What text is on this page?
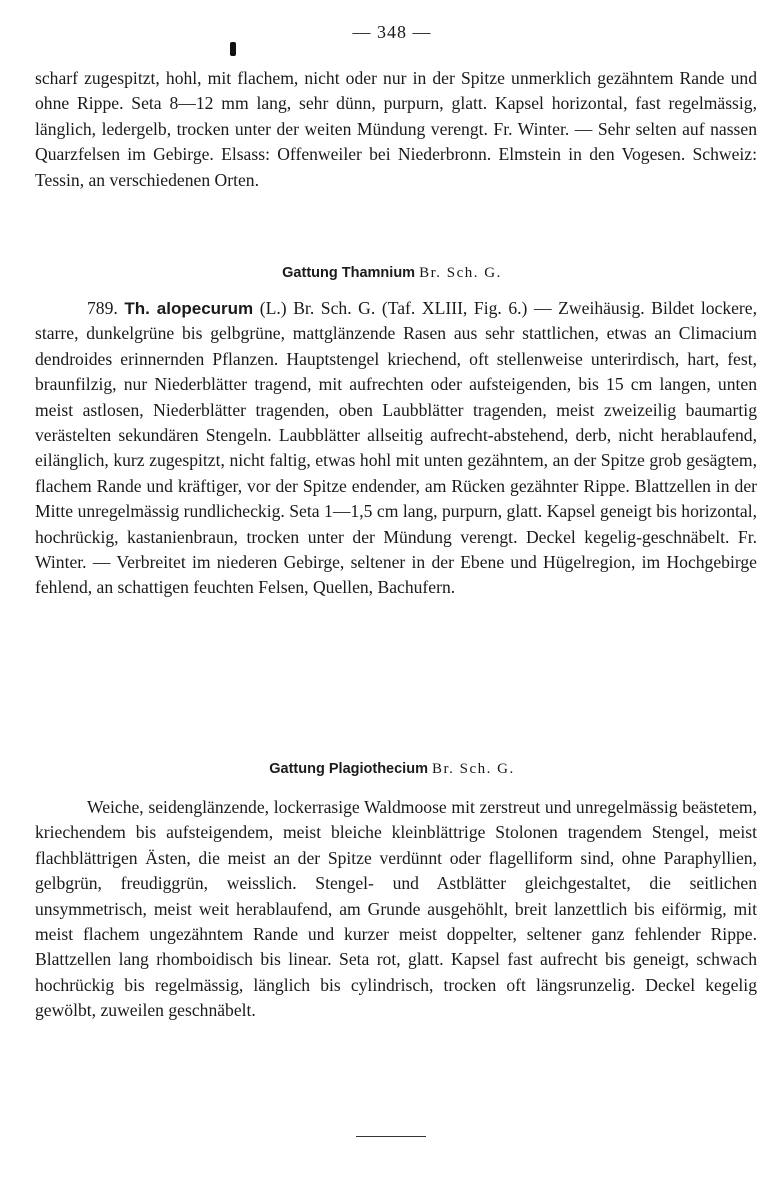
— 348 —

scharf zugespitzt, hohl, mit flachem, nicht oder nur in der Spitze unmerklich gezähntem Rande und ohne Rippe. Seta 8—12 mm lang, sehr dünn, purpurn, glatt. Kapsel horizontal, fast regelmässig, länglich, ledergelb, trocken unter der weiten Mündung verengt. Fr. Winter. — Sehr selten auf nassen Quarzfelsen im Gebirge. Elsass: Offenweiler bei Niederbronn. Elmstein in den Vogesen. Schweiz: Tessin, an verschiedenen Orten.

Gattung Thamnium Br. Sch. G.

789. Th. alopecurum (L.) Br. Sch. G. (Taf. XLIII, Fig. 6.) — Zweihäusig. Bildet lockere, starre, dunkelgrüne bis gelbgrüne, mattglänzende Rasen aus sehr stattlichen, etwas an Climacium dendroides erinnernden Pflanzen. Hauptstengel kriechend, oft stellenweise unterirdisch, hart, fest, braunfilzig, nur Niederblätter tragend, mit aufrechten oder aufsteigenden, bis 15 cm langen, unten meist astlosen, Niederblätter tragenden, oben Laubblätter tragenden, meist zweizeilig baumartig verästelten sekundären Stengeln. Laubblätter allseitig aufrecht-abstehend, derb, nicht herablaufend, eilänglich, kurz zugespitzt, nicht faltig, etwas hohl mit unten gezähntem, an der Spitze grob gesägtem, flachem Rande und kräftiger, vor der Spitze endender, am Rücken gezähnter Rippe. Blattzellen in der Mitte unregelmässig rundlicheckig. Seta 1—1,5 cm lang, purpurn, glatt. Kapsel geneigt bis horizontal, hochrückig, kastanienbraun, trocken unter der Mündung verengt. Deckel kegelig-geschnäbelt. Fr. Winter. — Verbreitet im niederen Gebirge, seltener in der Ebene und Hügelregion, im Hochgebirge fehlend, an schattigen feuchten Felsen, Quellen, Bachufern.

Gattung Plagiothecium Br. Sch. G.

Weiche, seidenglänzende, lockerrasige Waldmoose mit zerstreut und unregelmässig beästetem, kriechendem bis aufsteigendem, meist bleiche kleinblättrige Stolonen tragendem Stengel, meist flachblättrigen Ästen, die meist an der Spitze verdünnt oder flagelliform sind, ohne Paraphyllien, gelbgrün, freudiggrün, weisslich. Stengel- und Astblätter gleichgestaltet, die seitlichen unsymmetrisch, meist weit herablaufend, am Grunde ausgehöhlt, breit lanzettlich bis eiförmig, mit meist flachem ungezähntem Rande und kurzer meist doppelter, seltener ganz fehlender Rippe. Blattzellen lang rhomboidisch bis linear. Seta rot, glatt. Kapsel fast aufrecht bis geneigt, schwach hochrückig bis regelmässig, länglich bis cylindrisch, trocken oft längsrunzelig. Deckel kegelig gewölbt, zuweilen geschnäbelt.
